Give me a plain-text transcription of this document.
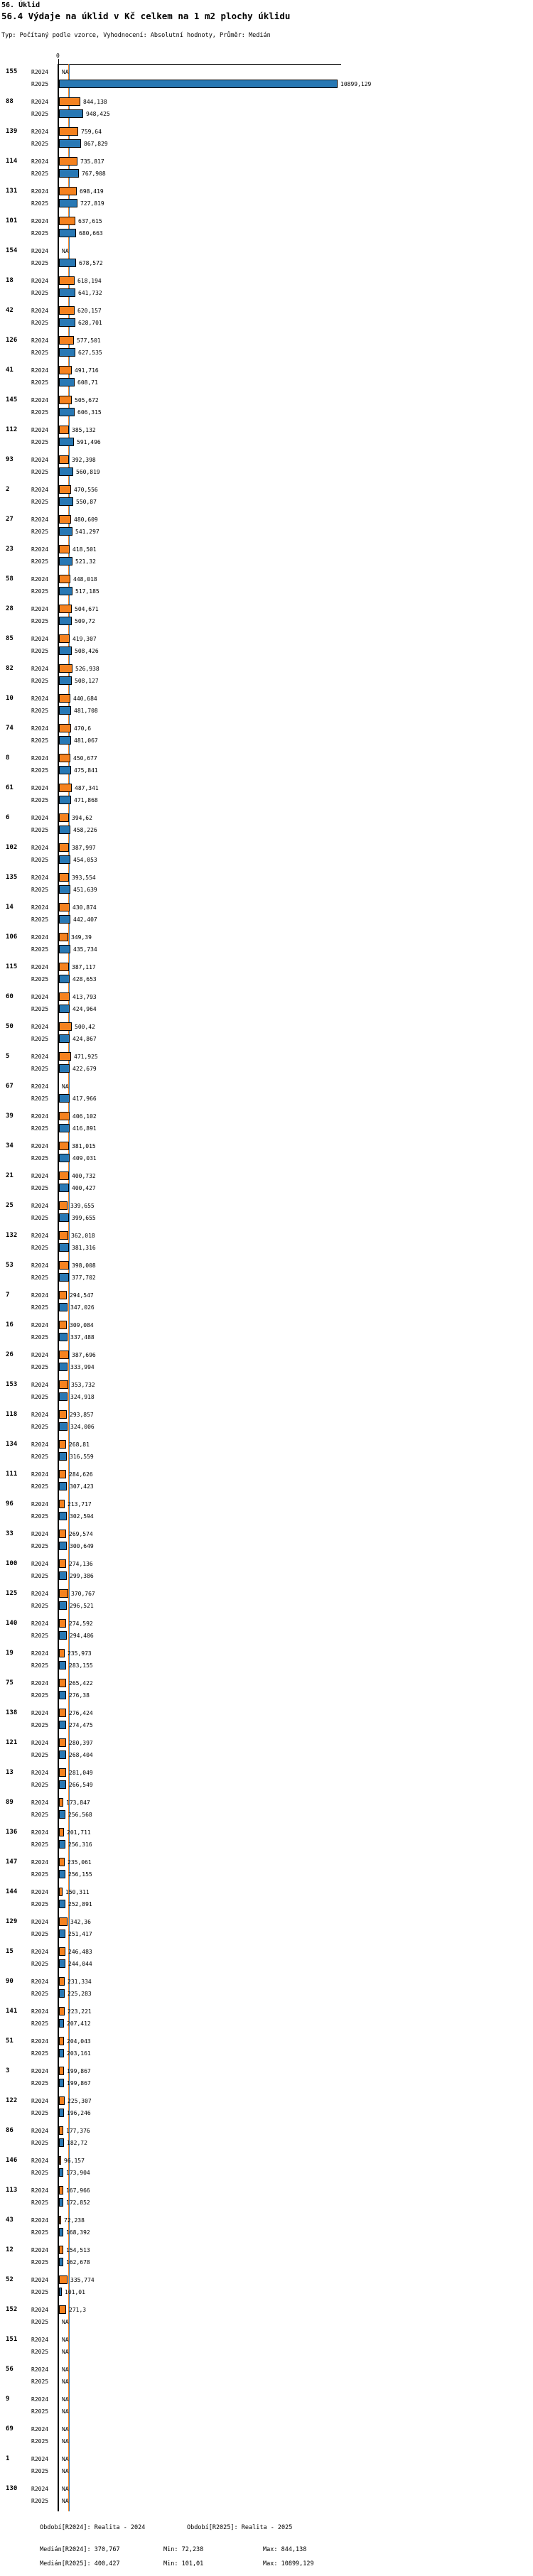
56. Úklid
56.4 Výdaje na úklid v Kč celkem na 1 m2 plochy úklidu
Typ: Počítaný podle vzorce, Vyhodnocení: Absolutní hodnoty, Průměr: Medián
0
155 R2024 NA
R2025	10899,129
88	R2024	844,138
R2025	948,425
139 R2024	759,64
R2025	867,829
114 R2024	735,817
R2025	767,908
131 R2024	698,419
R2025	727,819
101 R2024	637,615
R2025	680,663
154 R2024 NA
R2025	678,572
18	R2024	618,194
R2025	641,732
42	R2024	620,157
R2025	628,701
126 R2024	577,501
R2025	627,535
41	R2024	491,716
R2025	608,71
145 R2024	505,672
R2025	606,315
112 R2024	385,132
R2025	591,496
93	R2024	392,398
R2025	560,819
2	R2024	470,556
R2025	550,87
27	R2024	480,609
R2025	541,297
23	R2024	418,501
R2025	521,32
58	R2024	448,018
R2025	517,185
28	R2024	504,671
R2025	509,72
85	R2024	419,307
R2025	508,426
82	R2024	526,938
R2025	508,127
10	R2024	440,684
R2025	481,708
74	R2024	470,6
R2025	481,067
8	R2024	450,677
R2025	475,841
61	R2024	487,341
R2025	471,868
6	R2024	394,62
R2025	458,226
102 R2024	387,997
R2025	454,053
135 R2024	393,554
R2025	451,639
14	R2024	430,874
R2025	442,407
106 R2024	349,39
R2025	435,734
115 R2024	387,117
R2025	428,653
60	R2024	413,793
R2025	424,964
50	R2024	500,42
R2025	424,867
5	R2024	471,925
R2025	422,679
67	R2024 NA
R2025	417,966
39	R2024	406,102
R2025	416,891
34	R2024	381,015
R2025	409,031
21	R2024	400,732
R2025	400,427
25	R2024	339,655
R2025	399,655
132 R2024	362,018
R2025	381,316
53	R2024	398,008
R2025	377,702
7	R2024	294,547
R2025	347,026
16	R2024	309,084
R2025	337,488
26	R2024	387,696
R2025	333,994
153 R2024	353,732
R2025	324,918
118 R2024	293,857
R2025	324,006
134 R2024	268,81
R2025	316,559
111 R2024	284,626
R2025	307,423
96	R2024	213,717
R2025	302,594
33	R2024	269,574
R2025	300,649
100 R2024	274,136
R2025	299,386
125 R2024	370,767
R2025	296,521
140 R2024	274,592
R2025	294,406
19	R2024	235,973
R2025	283,155
75	R2024	265,422
R2025	276,38
138 R2024	276,424
R2025	274,475
121 R2024	280,397
R2025	268,404
13	R2024	281,049
R2025	266,549
89	R2024	173,847
R2025	256,568
136 R2024	201,711
R2025	256,316
147 R2024	235,061
R2025	256,155
144 R2024	150,311
R2025	252,891
129 R2024	342,36
R2025	251,417
15	R2024	246,483
R2025	244,044
90	R2024	231,334
R2025	225,283
141 R2024	223,221
R2025	207,412
51	R2024	204,043
R2025	203,161
3	R2024	199,867
R2025	199,867
122 R2024	225,307
R2025	196,246
86	R2024	177,376
R2025	182,72
146 R2024	96,157
R2025	173,904
113 R2024	167,966
R2025	172,852
43	R2024	72,238
R2025	168,392
12	R2024	154,513
R2025	162,678
52	R2024	335,774
R2025	101,01
152 R2024	271,3
R2025 NA
151 R2024 NA
R2025 NA
56	R2024 NA
R2025 NA
9	R2024 NA
R2025 NA
69	R2024 NA
R2025 NA
1	R2024 NA
R2025 NA
130 R2024 NA
R2025 NA
Období[R2024]: Realita - 2024	Období[R2025]: Realita - 2025
Medián[R2024]: 370,767	Min: 72,238	Max: 844,138
Medián[R2025]: 400,427	Min: 101,01	Max: 10899,129
